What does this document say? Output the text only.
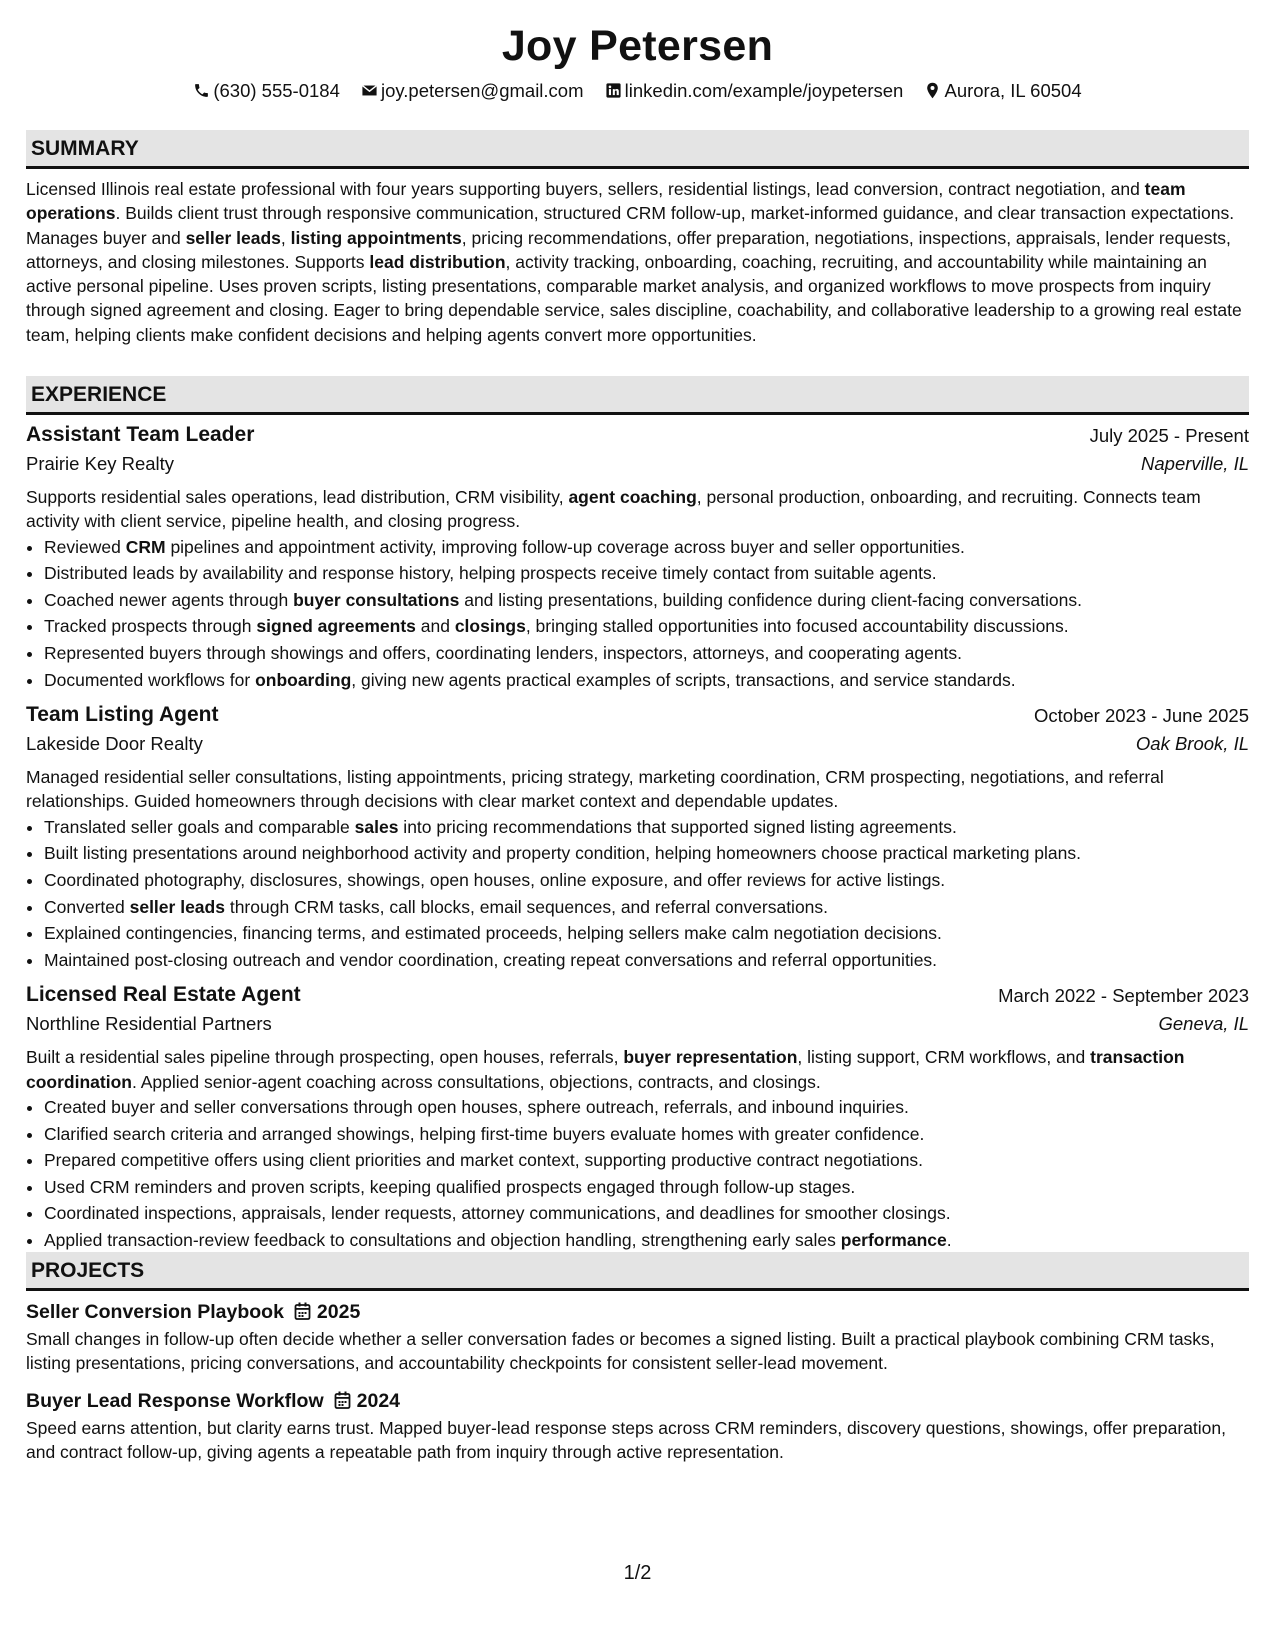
Joy Petersen
(630) 555-0184 joy.petersen@gmail.com linkedin.com/example/joypetersen Aurora, IL 60504
SUMMARY
Licensed Illinois real estate professional with four years supporting buyers, sellers, residential listings, lead conversion, contract negotiation, and team operations. Builds client trust through responsive communication, structured CRM follow-up, market-informed guidance, and clear transaction expectations. Manages buyer and seller leads, listing appointments, pricing recommendations, offer preparation, negotiations, inspections, appraisals, lender requests, attorneys, and closing milestones. Supports lead distribution, activity tracking, onboarding, coaching, recruiting, and accountability while maintaining an active personal pipeline. Uses proven scripts, listing presentations, comparable market analysis, and organized workflows to move prospects from inquiry through signed agreement and closing. Eager to bring dependable service, sales discipline, coachability, and collaborative leadership to a growing real estate team, helping clients make confident decisions and helping agents convert more opportunities.
EXPERIENCE
Assistant Team Leader	July 2025 - Present
Prairie Key Realty	Naperville, IL
Supports residential sales operations, lead distribution, CRM visibility, agent coaching, personal production, onboarding, and recruiting. Connects team activity with client service, pipeline health, and closing progress.
• Reviewed CRM pipelines and appointment activity, improving follow-up coverage across buyer and seller opportunities.
• Distributed leads by availability and response history, helping prospects receive timely contact from suitable agents.
• Coached newer agents through buyer consultations and listing presentations, building confidence during client-facing conversations.
• Tracked prospects through signed agreements and closings, bringing stalled opportunities into focused accountability discussions.
• Represented buyers through showings and offers, coordinating lenders, inspectors, attorneys, and cooperating agents.
• Documented workflows for onboarding, giving new agents practical examples of scripts, transactions, and service standards.
Team Listing Agent	October 2023 - June 2025
Lakeside Door Realty	Oak Brook, IL
Managed residential seller consultations, listing appointments, pricing strategy, marketing coordination, CRM prospecting, negotiations, and referral relationships. Guided homeowners through decisions with clear market context and dependable updates.
• Translated seller goals and comparable sales into pricing recommendations that supported signed listing agreements.
• Built listing presentations around neighborhood activity and property condition, helping homeowners choose practical marketing plans.
• Coordinated photography, disclosures, showings, open houses, online exposure, and offer reviews for active listings.
• Converted seller leads through CRM tasks, call blocks, email sequences, and referral conversations.
• Explained contingencies, financing terms, and estimated proceeds, helping sellers make calm negotiation decisions.
• Maintained post-closing outreach and vendor coordination, creating repeat conversations and referral opportunities.
Licensed Real Estate Agent	March 2022 - September 2023
Northline Residential Partners	Geneva, IL
Built a residential sales pipeline through prospecting, open houses, referrals, buyer representation, listing support, CRM workflows, and transaction coordination. Applied senior-agent coaching across consultations, objections, contracts, and closings.
• Created buyer and seller conversations through open houses, sphere outreach, referrals, and inbound inquiries.
• Clarified search criteria and arranged showings, helping first-time buyers evaluate homes with greater confidence.
• Prepared competitive offers using client priorities and market context, supporting productive contract negotiations.
• Used CRM reminders and proven scripts, keeping qualified prospects engaged through follow-up stages.
• Coordinated inspections, appraisals, lender requests, attorney communications, and deadlines for smoother closings.
• Applied transaction-review feedback to consultations and objection handling, strengthening early sales performance.
PROJECTS
Seller Conversion Playbook 2025
Small changes in follow-up often decide whether a seller conversation fades or becomes a signed listing. Built a practical playbook combining CRM tasks, listing presentations, pricing conversations, and accountability checkpoints for consistent seller-lead movement.
Buyer Lead Response Workflow 2024
Speed earns attention, but clarity earns trust. Mapped buyer-lead response steps across CRM reminders, discovery questions, showings, offer preparation, and contract follow-up, giving agents a repeatable path from inquiry through active representation.
1/2
